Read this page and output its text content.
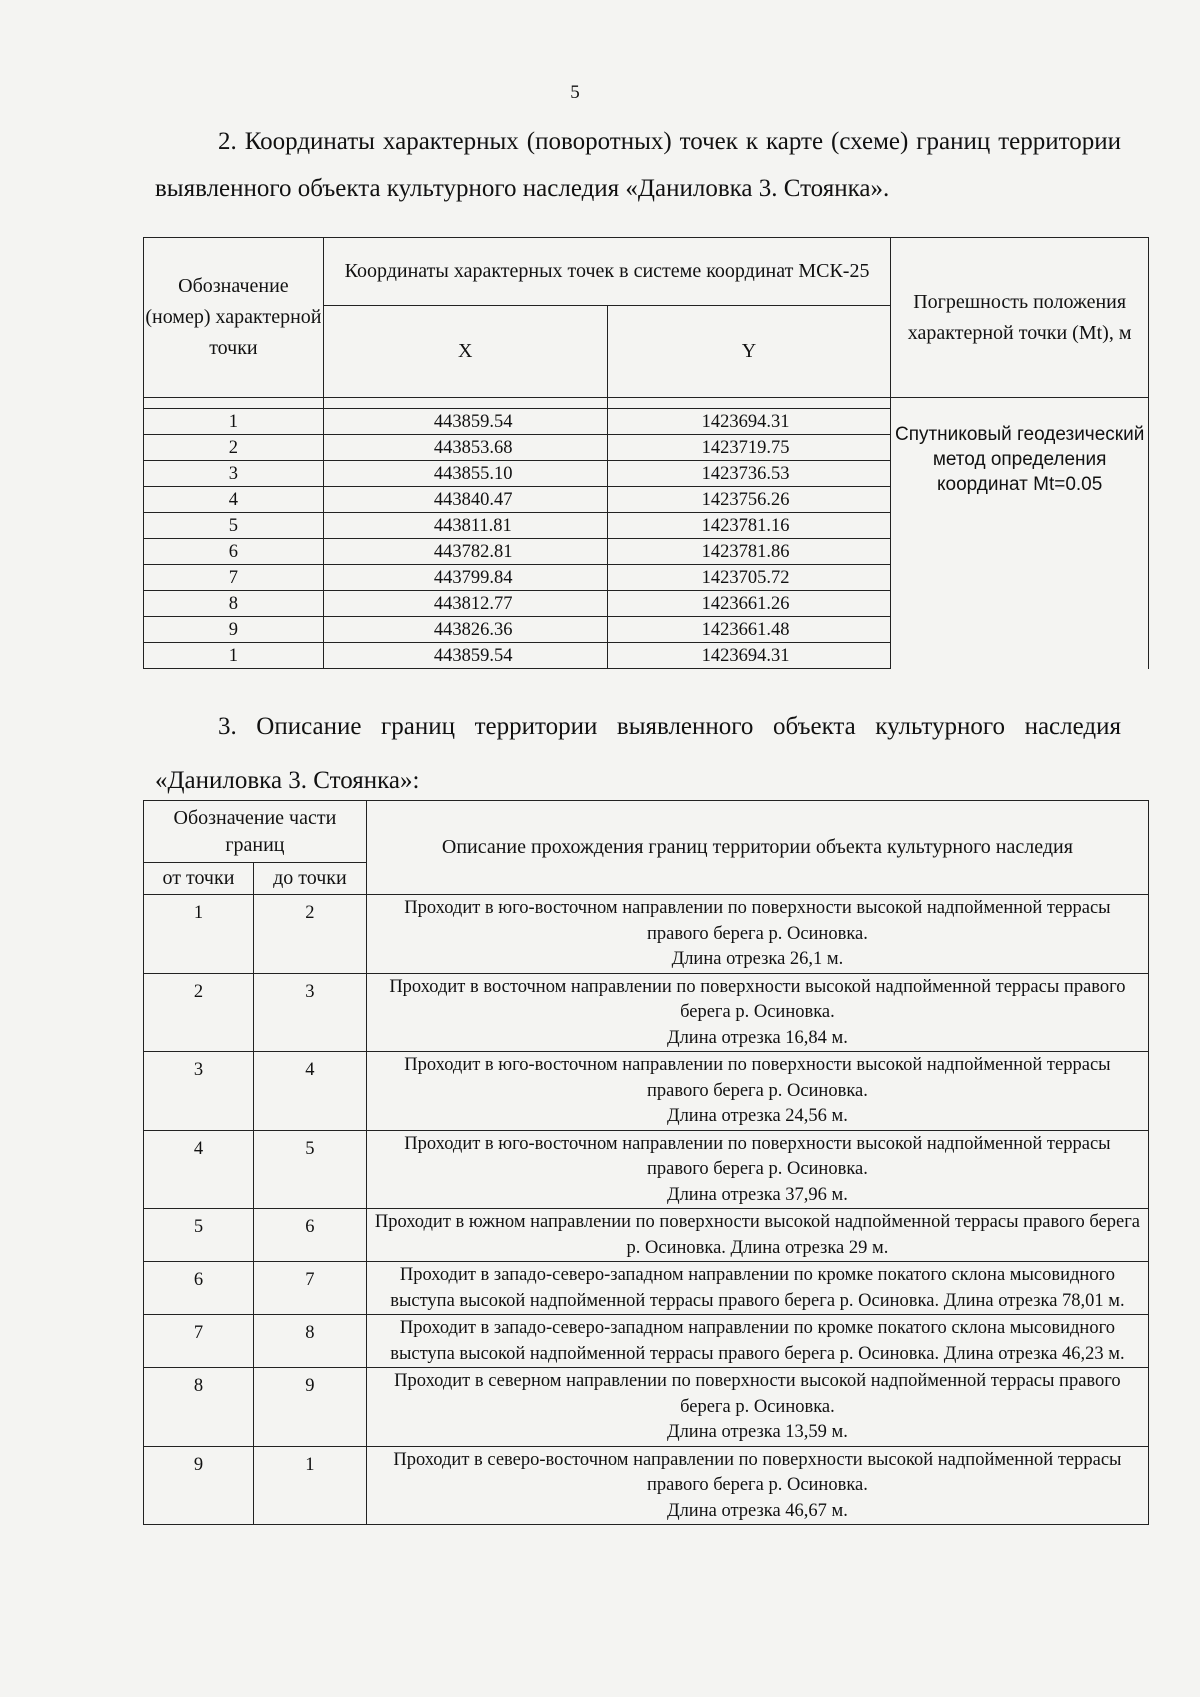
5
2. Координаты характерных (поворотных) точек к карте (схеме) границ территории выявленного объекта культурного наследия «Даниловка 3. Стоянка».
Обозначение (номер) характерной точки	Координаты характерных точек в системе координат МСК-25		Погрешность положения характерной точки (Mt), м
	X	Y	
			Спутниковый геодезический метод определения координат Mt=0.05
1	443859.54	1423694.31	
2	443853.68	1423719.75	
3	443855.10	1423736.53	
4	443840.47	1423756.26	
5	443811.81	1423781.16	
6	443782.81	1423781.86	
7	443799.84	1423705.72	
8	443812.77	1423661.26	
9	443826.36	1423661.48	
1	443859.54	1423694.31	
3. Описание границ территории выявленного объекта культурного наследия «Даниловка 3. Стоянка»:
Обозначение части границ		Описание прохождения границ территории объекта культурного наследия
от точки	до точки	
1	2	Проходит в юго-восточном направлении по поверхности высокой надпойменной террасы правого берега р. Осиновка.
Длина отрезка 26,1 м.
2	3	Проходит в восточном направлении по поверхности высокой надпойменной террасы правого берега р. Осиновка.
Длина отрезка 16,84 м.
3	4	Проходит в юго-восточном направлении по поверхности высокой надпойменной террасы правого берега р. Осиновка.
Длина отрезка 24,56 м.
4	5	Проходит в юго-восточном направлении по поверхности высокой надпойменной террасы правого берега р. Осиновка.
Длина отрезка 37,96 м.
5	6	Проходит в южном направлении по поверхности высокой надпойменной террасы правого берега р. Осиновка. Длина отрезка 29 м.
6	7	Проходит в западо-северо-западном направлении по кромке покатого склона мысовидного выступа высокой надпойменной террасы правого берега р. Осиновка. Длина отрезка 78,01 м.
7	8	Проходит в западо-северо-западном направлении по кромке покатого склона мысовидного выступа высокой надпойменной террасы правого берега р. Осиновка. Длина отрезка 46,23 м.
8	9	Проходит в северном направлении по поверхности высокой надпойменной террасы правого берега р. Осиновка.
Длина отрезка 13,59 м.
9	1	Проходит в северо-восточном направлении по поверхности высокой надпойменной террасы правого берега р. Осиновка.
Длина отрезка 46,67 м.
